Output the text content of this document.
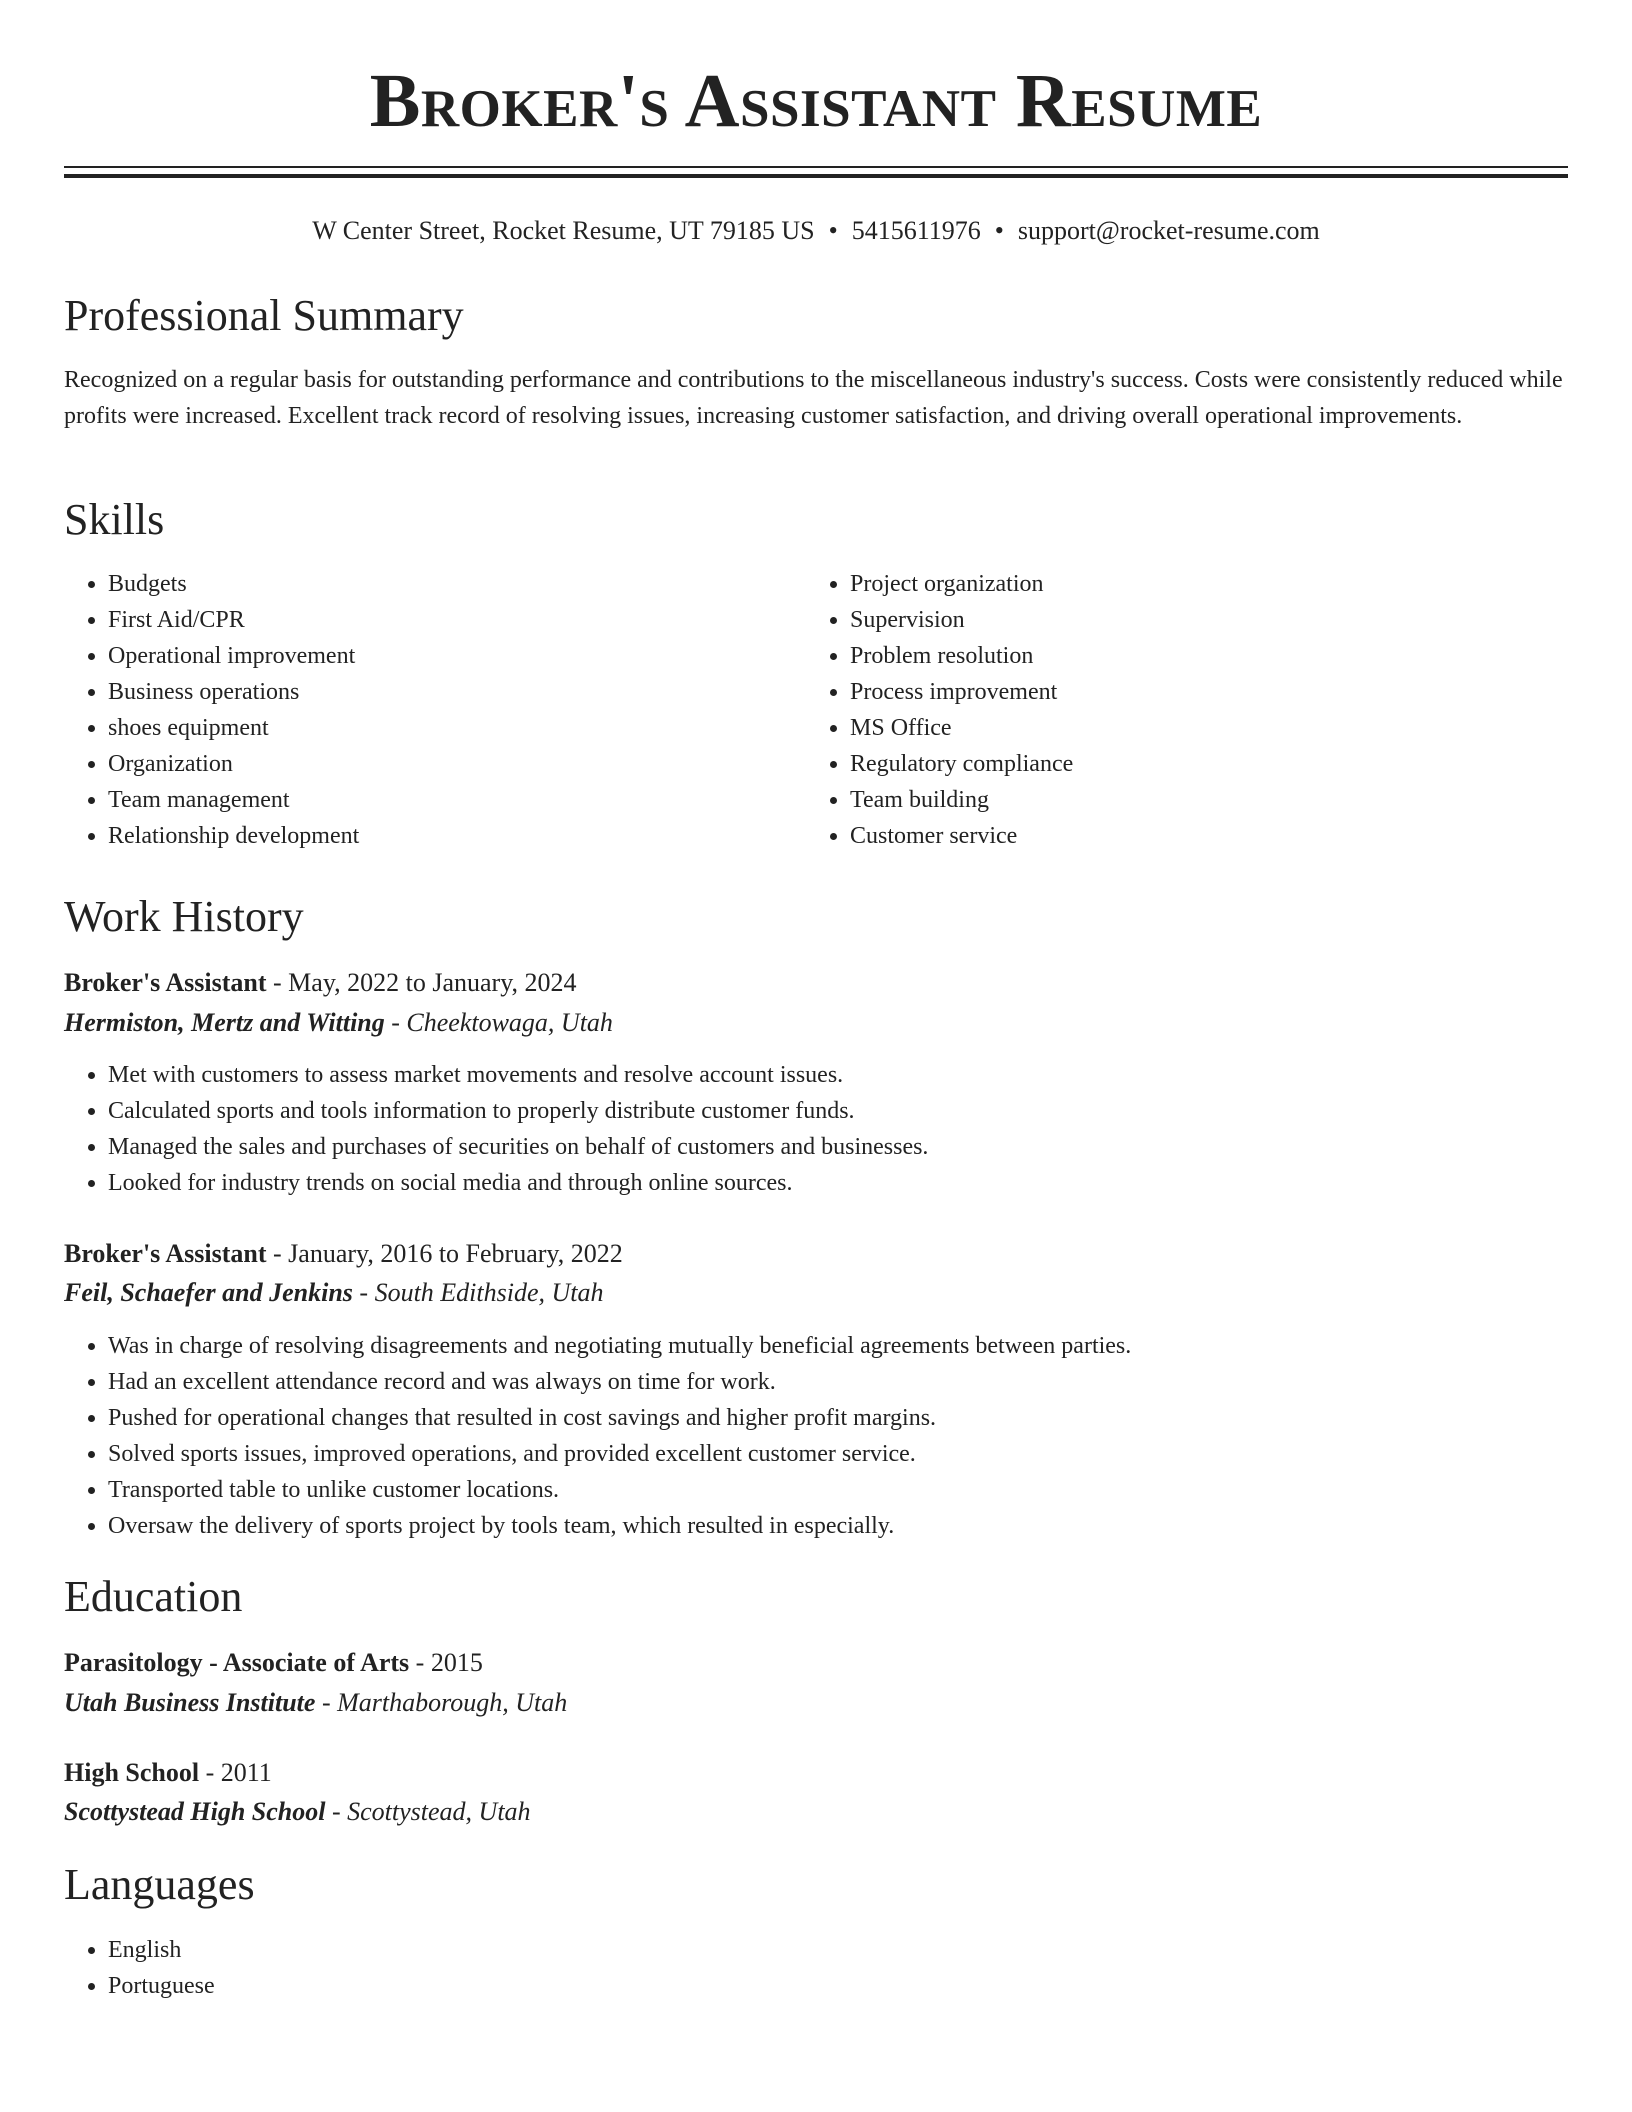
Broker's Assistant Resume
W Center Street, Rocket Resume, UT 79185 US • 5415611976 • support@rocket-resume.com
Professional Summary

Recognized on a regular basis for outstanding performance and contributions to the miscellaneous industry's success. Costs were consistently reduced while profits were increased. Excellent track record of resolving issues, increasing customer satisfaction, and driving overall operational improvements.

Skills
• Budgets
• First Aid/CPR
• Operational improvement
• Business operations
• shoes equipment
• Organization
• Team management
• Relationship development
• Project organization
• Supervision
• Problem resolution
• Process improvement
• MS Office
• Regulatory compliance
• Team building
• Customer service
Work History
Broker's Assistant - May, 2022 to January, 2024
Hermiston, Mertz and Witting - Cheektowaga, Utah
• Met with customers to assess market movements and resolve account issues.
• Calculated sports and tools information to properly distribute customer funds.
• Managed the sales and purchases of securities on behalf of customers and businesses.
• Looked for industry trends on social media and through online sources.
Broker's Assistant - January, 2016 to February, 2022
Feil, Schaefer and Jenkins - South Edithside, Utah
• Was in charge of resolving disagreements and negotiating mutually beneficial agreements between parties.
• Had an excellent attendance record and was always on time for work.
• Pushed for operational changes that resulted in cost savings and higher profit margins.
• Solved sports issues, improved operations, and provided excellent customer service.
• Transported table to unlike customer locations.
• Oversaw the delivery of sports project by tools team, which resulted in especially.
Education
Parasitology - Associate of Arts - 2015
Utah Business Institute - Marthaborough, Utah
High School - 2011
Scottystead High School - Scottystead, Utah
Languages
• English
• Portuguese
